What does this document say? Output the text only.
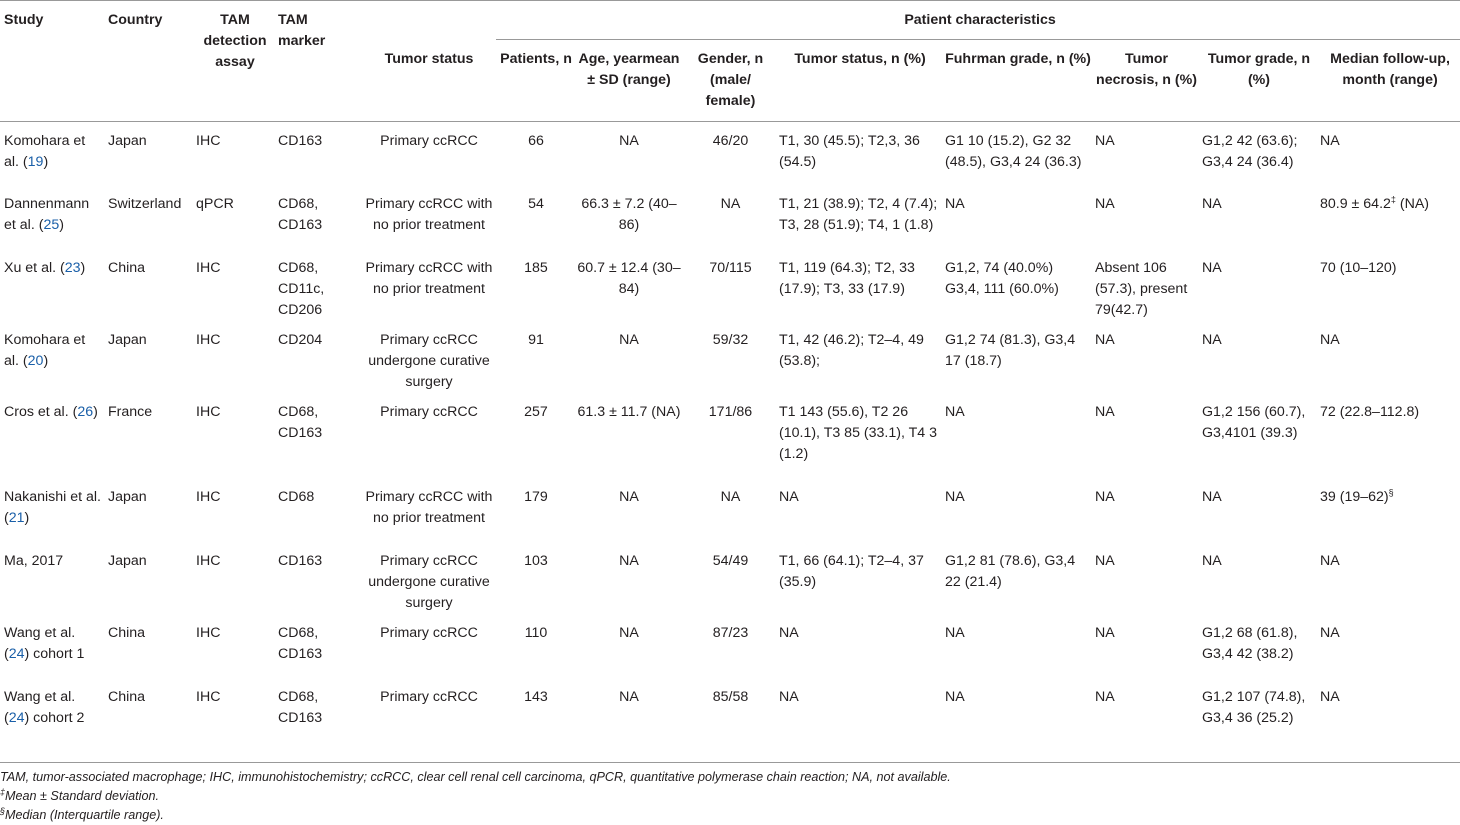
Study	Country	TAM detection assay	TAM marker	Tumor status	Patient characteristics							
					Patients, n	Age, yearmean ± SD (range)	Gender, n (male/ female)	Tumor status, n (%)	Fuhrman grade, n (%)	Tumor necrosis, n (%)	Tumor grade, n (%)	Median follow-up, month (range)
Komohara et al. (19)	Japan	IHC	CD163	Primary ccRCC	66	NA	46/20	T1, 30 (45.5); T2,3, 36 (54.5)	G1 10 (15.2), G2 32 (48.5), G3,4 24 (36.3)	NA	G1,2 42 (63.6); G3,4 24 (36.4)	NA
Dannenmann et al. (25)	Switzerland	qPCR	CD68, CD163	Primary ccRCC with no prior treatment	54	66.3 ± 7.2 (40–86)	NA	T1, 21 (38.9); T2, 4 (7.4); T3, 28 (51.9); T4, 1 (1.8)	NA	NA	NA	80.9 ± 64.2‡ (NA)
Xu et al. (23)	China	IHC	CD68, CD11c, CD206	Primary ccRCC with no prior treatment	185	60.7 ± 12.4 (30–84)	70/115	T1, 119 (64.3); T2, 33 (17.9); T3, 33 (17.9)	G1,2, 74 (40.0%) G3,4, 111 (60.0%)	Absent 106 (57.3), present 79(42.7)	NA	70 (10–120)
Komohara et al. (20)	Japan	IHC	CD204	Primary ccRCC undergone curative surgery	91	NA	59/32	T1, 42 (46.2); T2–4, 49 (53.8);	G1,2 74 (81.3), G3,4 17 (18.7)	NA	NA	NA
Cros et al. (26)	France	IHC	CD68, CD163	Primary ccRCC	257	61.3 ± 11.7 (NA)	171/86	T1 143 (55.6), T2 26 (10.1), T3 85 (33.1), T4 3 (1.2)	NA	NA	G1,2 156 (60.7), G3,4101 (39.3)	72 (22.8–112.8)
Nakanishi et al. (21)	Japan	IHC	CD68	Primary ccRCC with no prior treatment	179	NA	NA	NA	NA	NA	NA	39 (19–62)§
Ma, 2017	Japan	IHC	CD163	Primary ccRCC undergone curative surgery	103	NA	54/49	T1, 66 (64.1); T2–4, 37 (35.9)	G1,2 81 (78.6), G3,4 22 (21.4)	NA	NA	NA
Wang et al. (24) cohort 1	China	IHC	CD68, CD163	Primary ccRCC	110	NA	87/23	NA	NA	NA	G1,2 68 (61.8), G3,4 42 (38.2)	NA
Wang et al. (24) cohort 2	China	IHC	CD68, CD163	Primary ccRCC	143	NA	85/58	NA	NA	NA	G1,2 107 (74.8), G3,4 36 (25.2)	NA
TAM, tumor-associated macrophage; IHC, immunohistochemistry; ccRCC, clear cell renal cell carcinoma, qPCR, quantitative polymerase chain reaction; NA, not available.
‡Mean ± Standard deviation.
§Median (Interquartile range).
